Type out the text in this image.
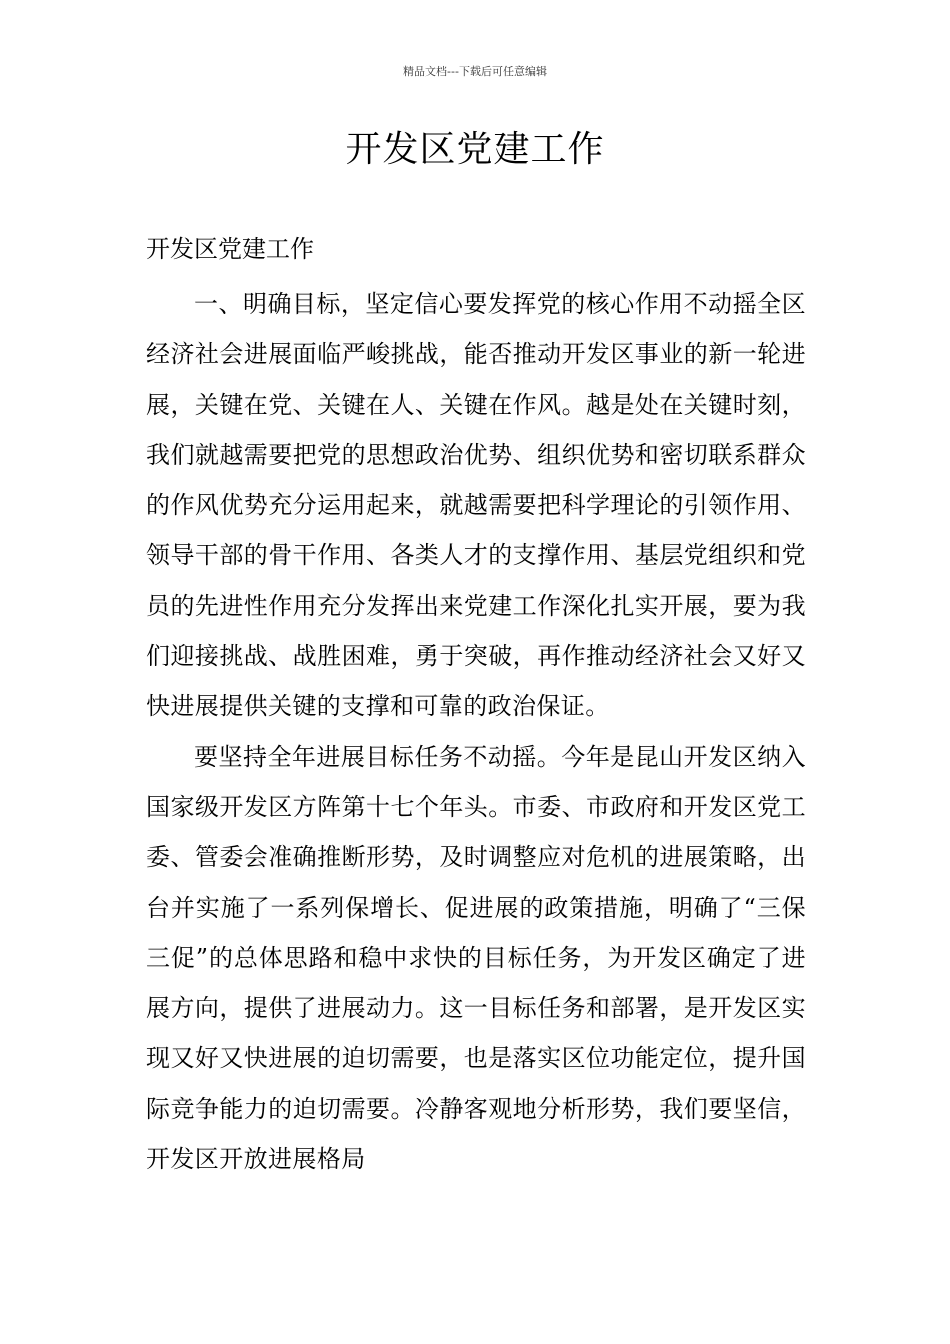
精品文档---下载后可任意编辑
开发区党建工作
开发区党建工作

一、明确目标，坚定信心要发挥党的核心作用不动摇全区经济社会进展面临严峻挑战，能否推动开发区事业的新一轮进展，关键在党、关键在人、关键在作风。越是处在关键时刻，我们就越需要把党的思想政治优势、组织优势和密切联系群众的作风优势充分运用起来，就越需要把科学理论的引领作用、领导干部的骨干作用、各类人才的支撑作用、基层党组织和党员的先进性作用充分发挥出来党建工作深化扎实开展，要为我们迎接挑战、战胜困难，勇于突破，再作推动经济社会又好又快进展提供关键的支撑和可靠的政治保证。

要坚持全年进展目标任务不动摇。今年是昆山开发区纳入国家级开发区方阵第十七个年头。市委、市政府和开发区党工委、管委会准确推断形势，及时调整应对危机的进展策略，出台并实施了一系列保增长、促进展的政策措施，明确了“三保三促”的总体思路和稳中求快的目标任务，为开发区确定了进展方向，提供了进展动力。这一目标任务和部署，是开发区实现又好又快进展的迫切需要，也是落实区位功能定位，提升国际竞争能力的迫切需要。冷静客观地分析形势，我们要坚信，开发区开放进展格局
